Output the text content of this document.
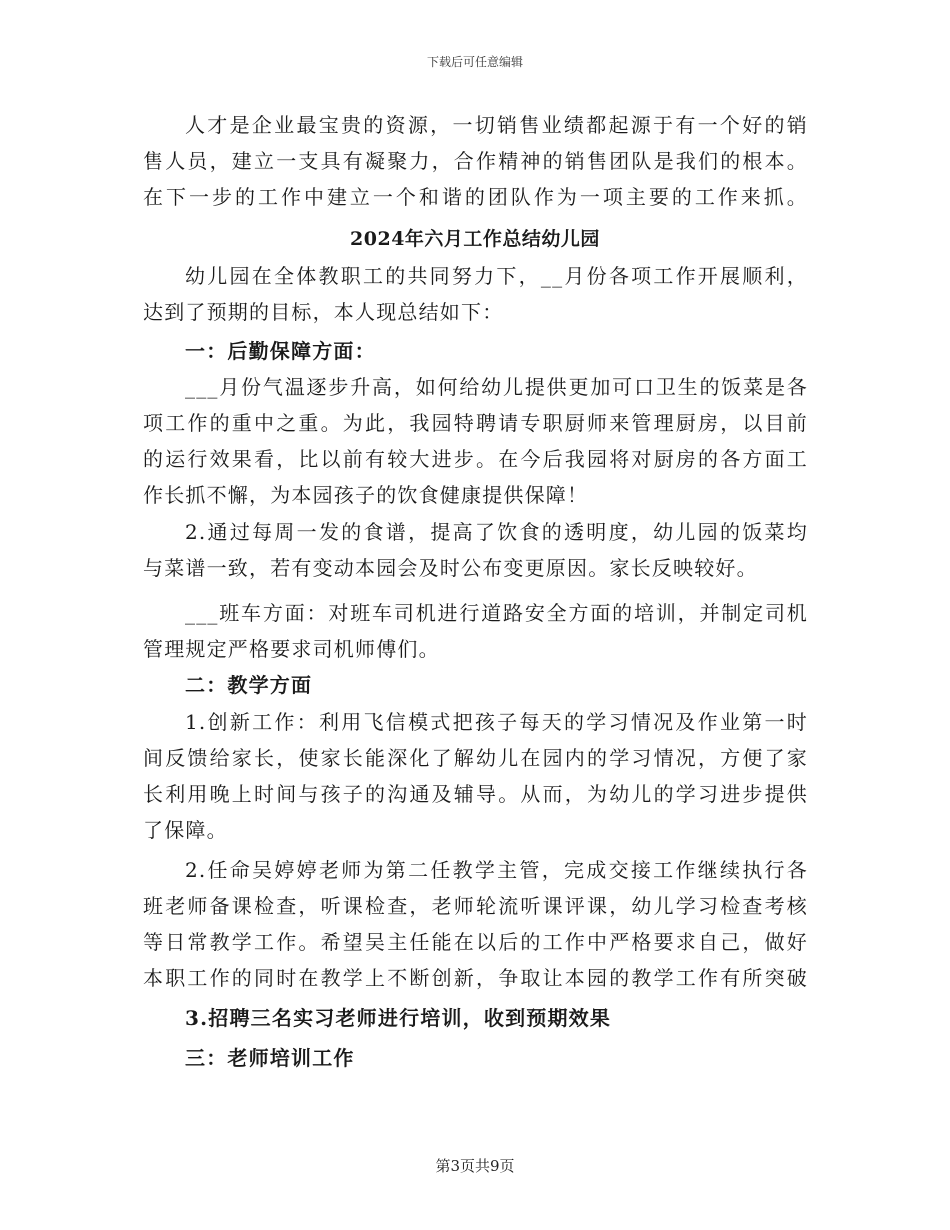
下载后可任意编辑
人才是企业最宝贵的资源，一切销售业绩都起源于有一个好的销
售人员，建立一支具有凝聚力，合作精神的销售团队是我们的根本。
在下一步的工作中建立一个和谐的团队作为一项主要的工作来抓。
2024年六月工作总结幼儿园
幼儿园在全体教职工的共同努力下，__月份各项工作开展顺利，
达到了预期的目标，本人现总结如下：
一：后勤保障方面：
___月份气温逐步升高，如何给幼儿提供更加可口卫生的饭菜是各
项工作的重中之重。为此，我园特聘请专职厨师来管理厨房，以目前
的运行效果看，比以前有较大进步。在今后我园将对厨房的各方面工
作长抓不懈，为本园孩子的饮食健康提供保障！
2.通过每周一发的食谱，提高了饮食的透明度，幼儿园的饭菜均
与菜谱一致，若有变动本园会及时公布变更原因。家长反映较好。
___班车方面：对班车司机进行道路安全方面的培训，并制定司机
管理规定严格要求司机师傅们。
二：教学方面
1.创新工作：利用飞信模式把孩子每天的学习情况及作业第一时
间反馈给家长，使家长能深化了解幼儿在园内的学习情况，方便了家
长利用晚上时间与孩子的沟通及辅导。从而，为幼儿的学习进步提供
了保障。
2.任命吴婷婷老师为第二任教学主管，完成交接工作继续执行各
班老师备课检查，听课检查，老师轮流听课评课，幼儿学习检查考核
等日常教学工作。希望吴主任能在以后的工作中严格要求自己，做好
本职工作的同时在教学上不断创新，争取让本园的教学工作有所突破
3.招聘三名实习老师进行培训，收到预期效果
三：老师培训工作
第3页共9页
